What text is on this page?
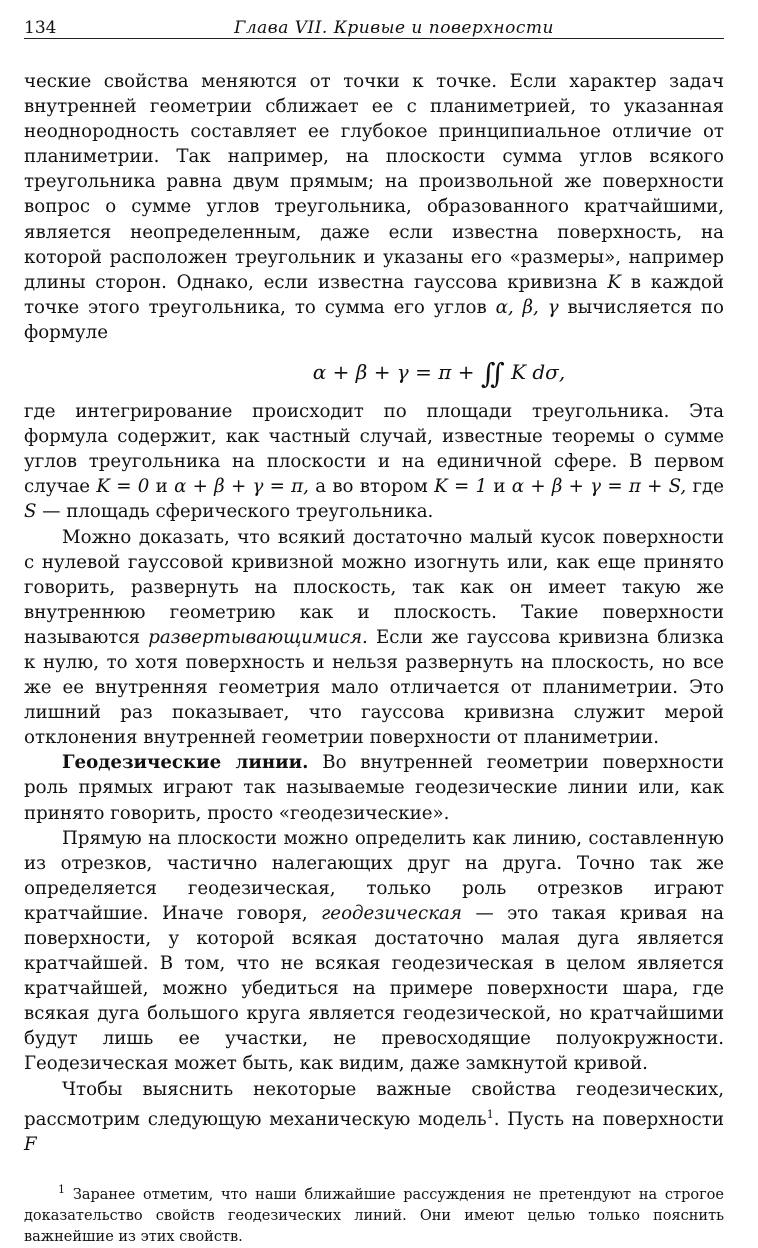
134	Глава VII. Кривые и поверхности

ческие свойства меняются от точки к точке. Если характер задач внутренней геометрии сближает ее с планиметрией, то указанная неоднородность составляет ее глубокое принципиальное отличие от планиметрии. Так например, на плоскости сумма углов всякого треугольника равна двум прямым; на произвольной же поверхности вопрос о сумме углов треугольника, образованного кратчайшими, является неопределенным, даже если известна поверхность, на которой расположен треугольник и указаны его «размеры», например длины сторон. Однако, если известна гауссова кривизна K в каждой точке этого треугольника, то сумма его углов α, β, γ вычисляется по формуле

α + β + γ = π + ∬ K dσ,

где интегрирование происходит по площади треугольника. Эта формула содержит, как частный случай, известные теоремы о сумме углов треугольника на плоскости и на единичной сфере. В первом случае K = 0 и α + β + γ = π, а во втором K = 1 и α + β + γ = π + S, где S — площадь сферического треугольника.

Можно доказать, что всякий достаточно малый кусок поверхности с нулевой гауссовой кривизной можно изогнуть или, как еще принято говорить, развернуть на плоскость, так как он имеет такую же внутреннюю геометрию как и плоскость. Такие поверхности называются развертывающимися. Если же гауссова кривизна близка к нулю, то хотя поверхность и нельзя развернуть на плоскость, но все же ее внутренняя геометрия мало отличается от планиметрии. Это лишний раз показывает, что гауссова кривизна служит мерой отклонения внутренней геометрии поверхности от планиметрии.

Геодезические линии. Во внутренней геометрии поверхности роль прямых играют так называемые геодезические линии или, как принято говорить, просто «геодезические».

Прямую на плоскости можно определить как линию, составленную из отрезков, частично налегающих друг на друга. Точно так же определяется геодезическая, только роль отрезков играют кратчайшие. Иначе говоря, геодезическая — это такая кривая на поверхности, у которой всякая достаточно малая дуга является кратчайшей. В том, что не всякая геодезическая в целом является кратчайшей, можно убедиться на примере поверхности шара, где всякая дуга большого круга является геодезической, но кратчайшими будут лишь ее участки, не превосходящие полуокружности. Геодезическая может быть, как видим, даже замкнутой кривой.

Чтобы выяснить некоторые важные свойства геодезических, рассмотрим следующую механическую модель$^1$. Пусть на поверхности F

$^1$ Заранее отметим, что наши ближайшие рассуждения не претендуют на строгое доказательство свойств геодезических линий. Они имеют целью только пояснить важнейшие из этих свойств.
